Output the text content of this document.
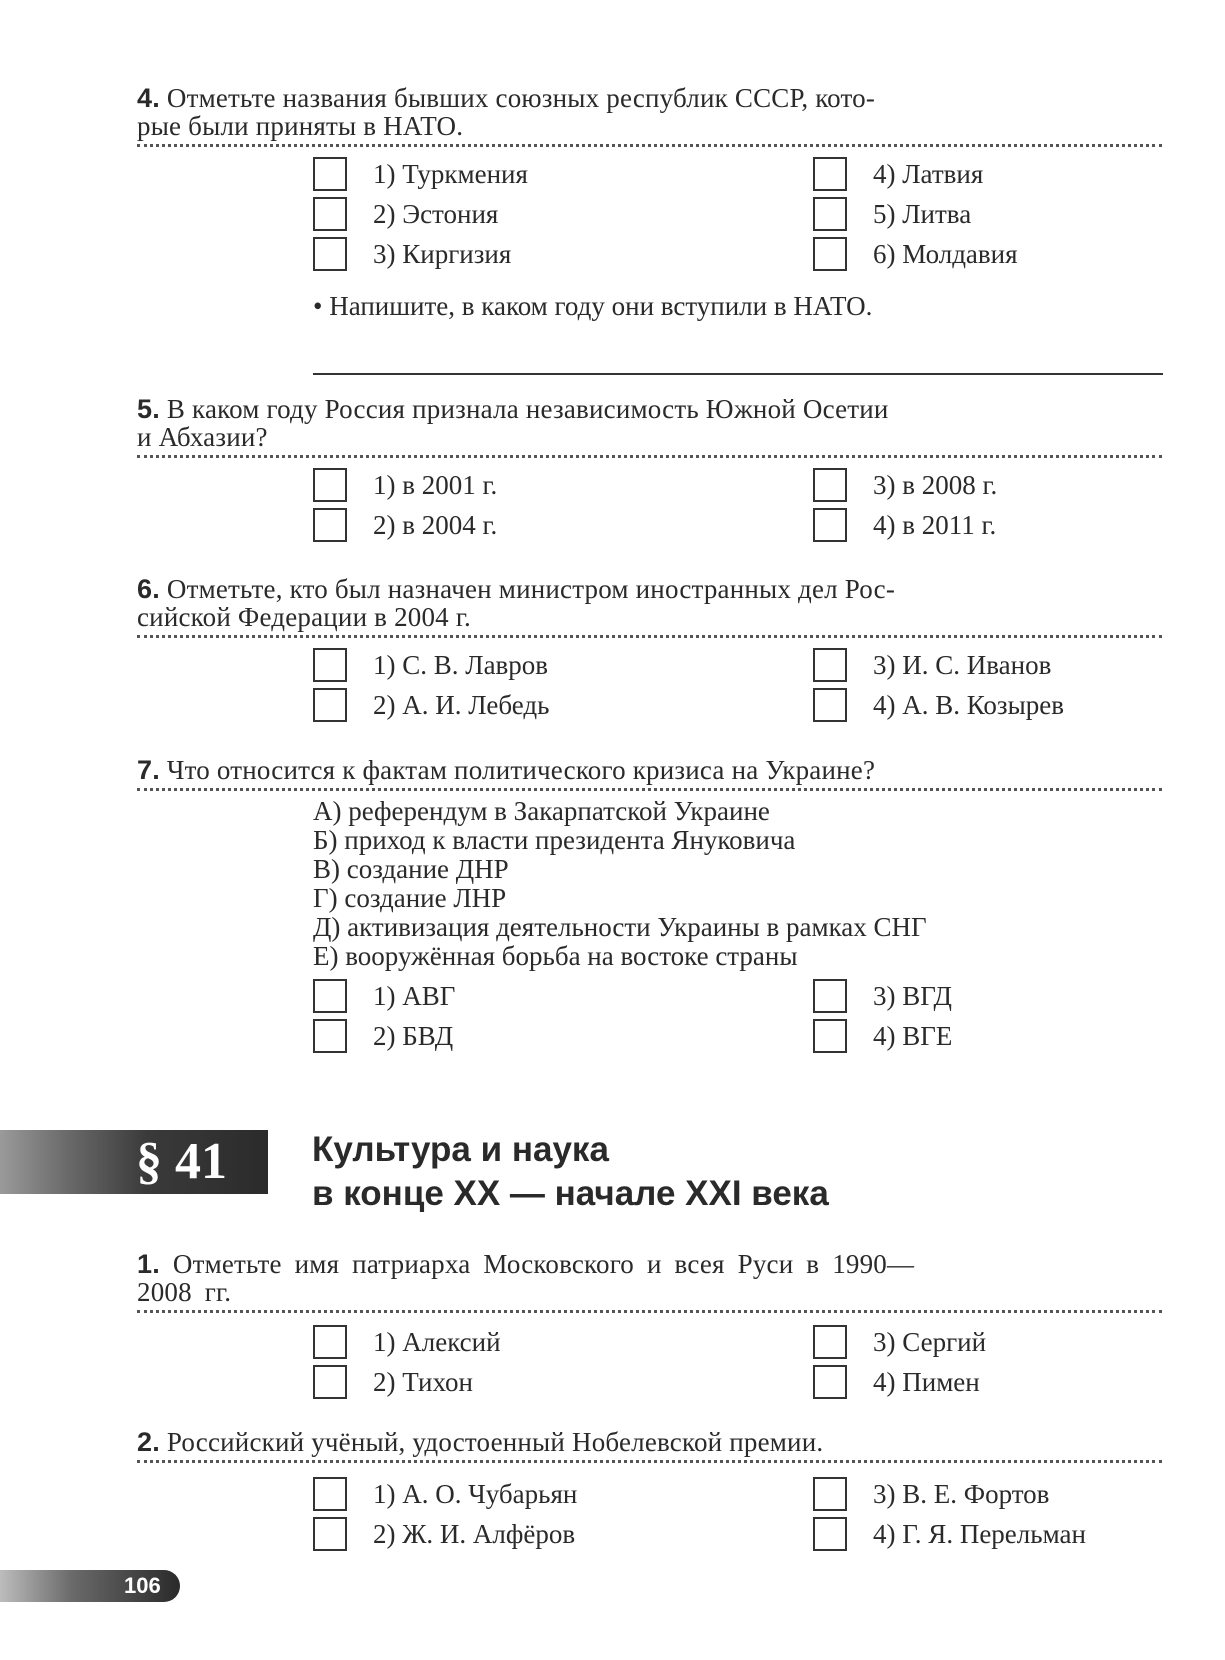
4. Отметьте названия бывших союзных республик СССР, кото-
рые были приняты в НАТО.
1) Туркмения
2) Эстония
3) Киргизия
4) Латвия
5) Литва
6) Молдавия
• Напишите, в каком году они вступили в НАТО.
5. В каком году Россия признала независимость Южной Осетии
и Абхазии?
1) в 2001 г.
2) в 2004 г.
3) в 2008 г.
4) в 2011 г.
6. Отметьте, кто был назначен министром иностранных дел Рос-
сийской Федерации в 2004 г.
1) С. В. Лавров
2) А. И. Лебедь
3) И. С. Иванов
4) А. В. Козырев
7. Что относится к фактам политического кризиса на Украине?
А) референдум в Закарпатской Украине
Б) приход к власти президента Януковича
В) создание ДНР
Г) создание ЛНР
Д) активизация деятельности Украины в рамках СНГ
Е) вооружённая борьба на востоке страны
1) АВГ
2) БВД
3) ВГД
4) ВГЕ
§ 41 Культура и наука
в конце XX — начале XXI века
1. Отметьте имя патриарха Московского и всея Руси в 1990—
2008 гг.
1) Алексий
2) Тихон
3) Сергий
4) Пимен
2. Российский учёный, удостоенный Нобелевской премии.
1) А. О. Чубарьян
2) Ж. И. Алфёров
3) В. Е. Фортов
4) Г. Я. Перельман
106
